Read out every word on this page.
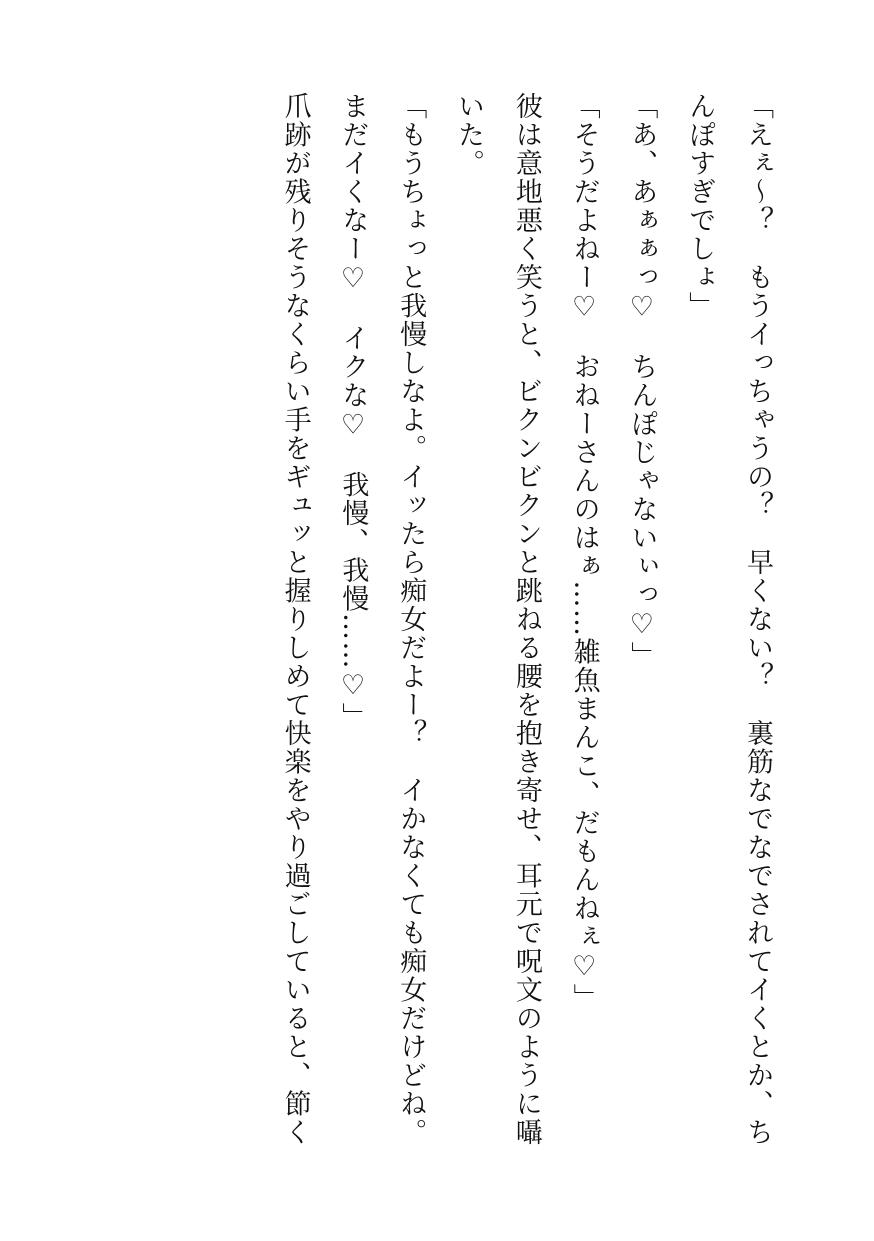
「えぇ～？　もうイっちゃうの？　早くない？　裏筋なでなでされてイくとか、ちんぽすぎでしょ」

「あ、あぁぁっ♡　ちんぽじゃないぃっ♡」

「そうだよねー♡　おねーさんのはぁ……雑魚まんこ、だもんねぇ♡」

彼は意地悪く笑うと、ビクンビクンと跳ねる腰を抱き寄せ、耳元で呪文のように囁いた。

「もうちょっと我慢しなよ。イッたら痴女だよー？　イかなくても痴女だけどね。まだイくなー♡　イクな♡　我慢、我慢……♡」

爪跡が残りそうなくらい手をギュッと握りしめて快楽をやり過ごしていると、節く
